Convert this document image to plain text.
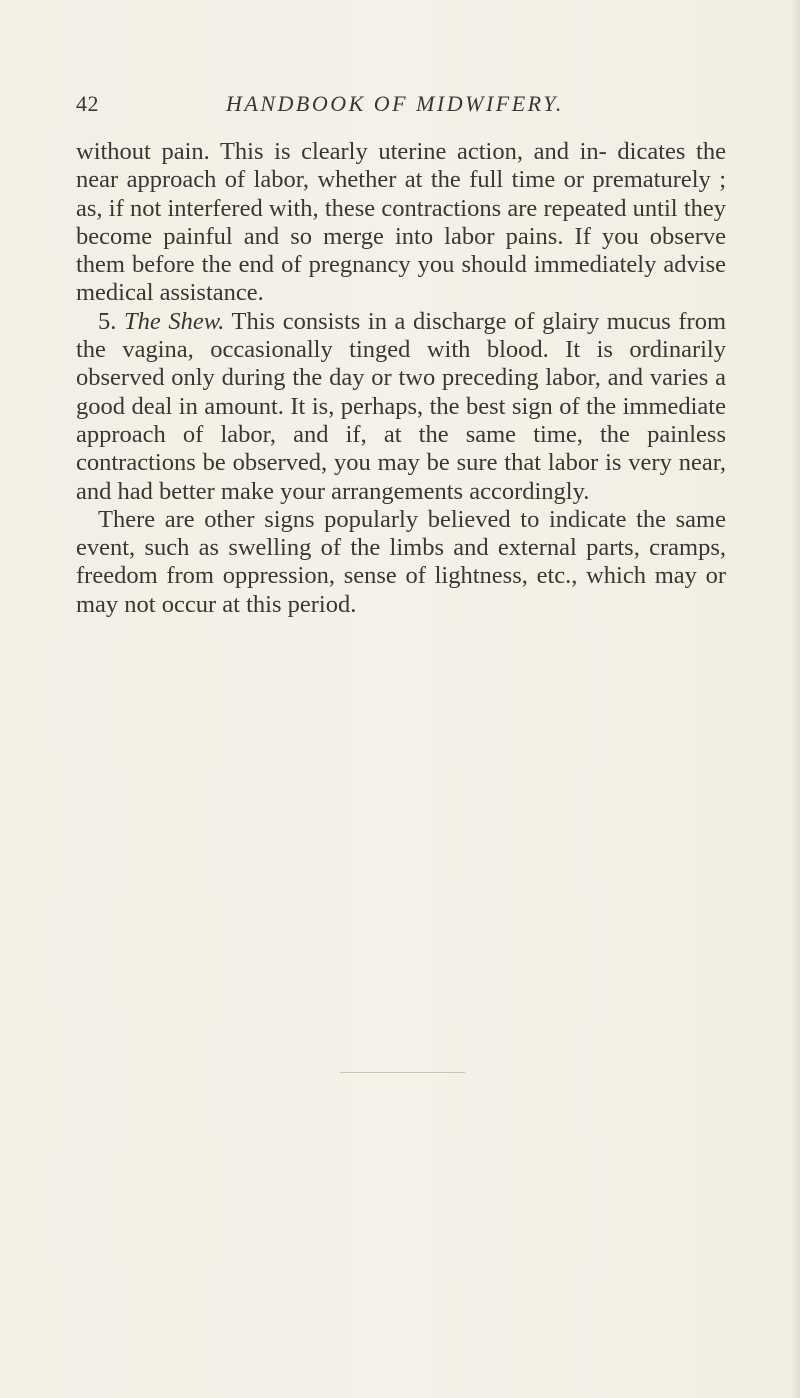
42	HANDBOOK OF MIDWIFERY.

without pain. This is clearly uterine action, and in- dicates the near approach of labor, whether at the full time or prematurely ; as, if not interfered with, these contractions are repeated until they become painful and so merge into labor pains. If you observe them before the end of pregnancy you should immediately advise medical assistance.

5. The Shew. This consists in a discharge of glairy mucus from the vagina, occasionally tinged with blood. It is ordinarily observed only during the day or two preceding labor, and varies a good deal in amount. It is, perhaps, the best sign of the immediate approach of labor, and if, at the same time, the painless contractions be observed, you may be sure that labor is very near, and had better make your arrangements accordingly.

There are other signs popularly believed to indicate the same event, such as swelling of the limbs and external parts, cramps, freedom from oppression, sense of lightness, etc., which may or may not occur at this period.
